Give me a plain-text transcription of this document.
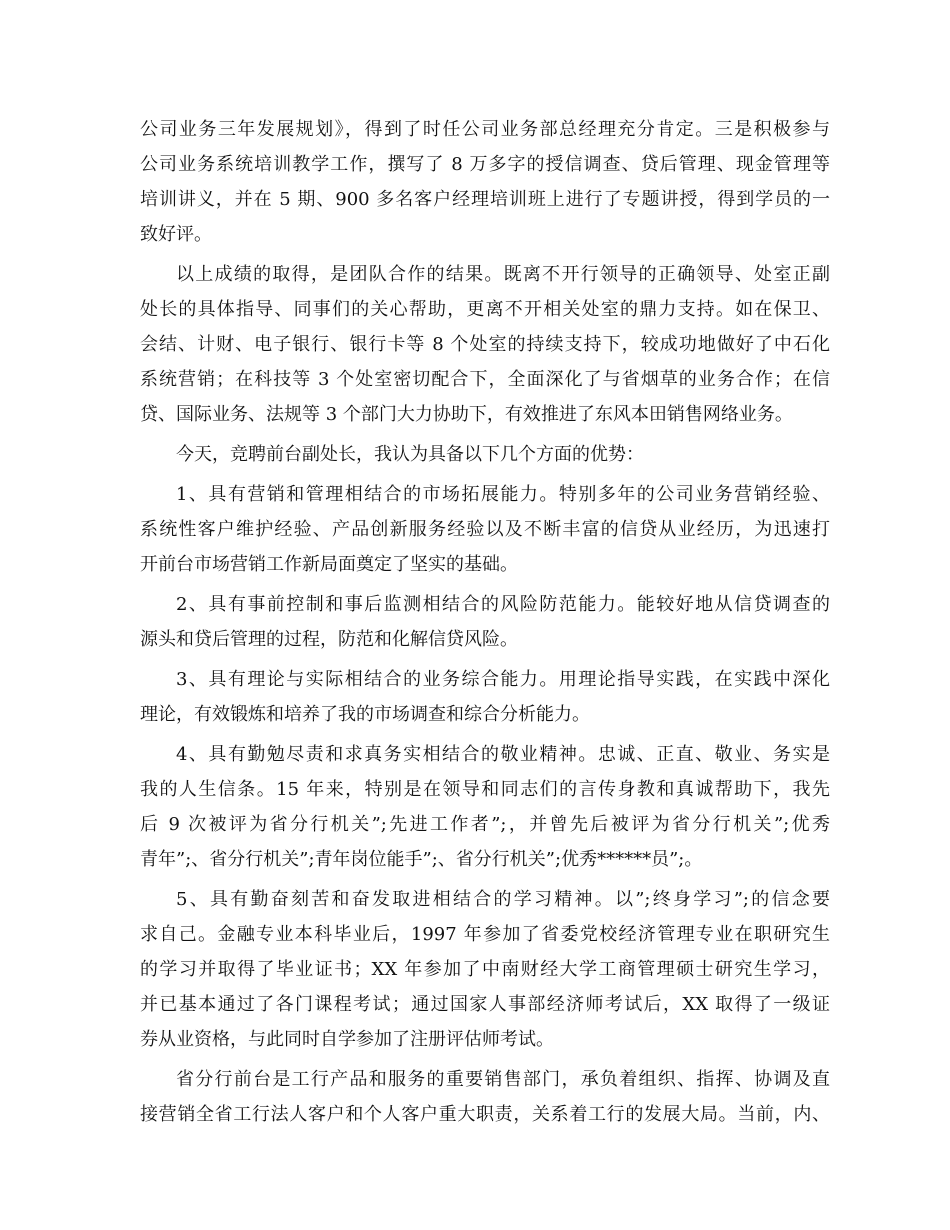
公司业务三年发展规划》，得到了时任公司业务部总经理充分肯定。三是积极参与
公司业务系统培训教学工作，撰写了 8 万多字的授信调查、贷后管理、现金管理等
培训讲义，并在 5 期、900 多名客户经理培训班上进行了专题讲授，得到学员的一
致好评。
以上成绩的取得，是团队合作的结果。既离不开行领导的正确领导、处室正副
处长的具体指导、同事们的关心帮助，更离不开相关处室的鼎力支持。如在保卫、
会结、计财、电子银行、银行卡等 8 个处室的持续支持下，较成功地做好了中石化
系统营销；在科技等 3 个处室密切配合下，全面深化了与省烟草的业务合作；在信
贷、国际业务、法规等 3 个部门大力协助下，有效推进了东风本田销售网络业务。
今天，竞聘前台副处长，我认为具备以下几个方面的优势：
1、具有营销和管理相结合的市场拓展能力。特别多年的公司业务营销经验、
系统性客户维护经验、产品创新服务经验以及不断丰富的信贷从业经历，为迅速打
开前台市场营销工作新局面奠定了坚实的基础。
2、具有事前控制和事后监测相结合的风险防范能力。能较好地从信贷调查的
源头和贷后管理的过程，防范和化解信贷风险。
3、具有理论与实际相结合的业务综合能力。用理论指导实践，在实践中深化
理论，有效锻炼和培养了我的市场调查和综合分析能力。
4、具有勤勉尽责和求真务实相结合的敬业精神。忠诚、正直、敬业、务实是
我的人生信条。15 年来，特别是在领导和同志们的言传身教和真诚帮助下，我先
后 9 次被评为省分行机关”;先进工作者”;，并曾先后被评为省分行机关”;优秀
青年”;、省分行机关”;青年岗位能手”;、省分行机关”;优秀******员”;。
5、具有勤奋刻苦和奋发取进相结合的学习精神。以”;终身学习”;的信念要
求自己。金融专业本科毕业后，1997 年参加了省委党校经济管理专业在职研究生
的学习并取得了毕业证书；XX 年参加了中南财经大学工商管理硕士研究生学习，
并已基本通过了各门课程考试；通过国家人事部经济师考试后，XX 取得了一级证
券从业资格，与此同时自学参加了注册评估师考试。
省分行前台是工行产品和服务的重要销售部门，承负着组织、指挥、协调及直
接营销全省工行法人客户和个人客户重大职责，关系着工行的发展大局。当前，内、
